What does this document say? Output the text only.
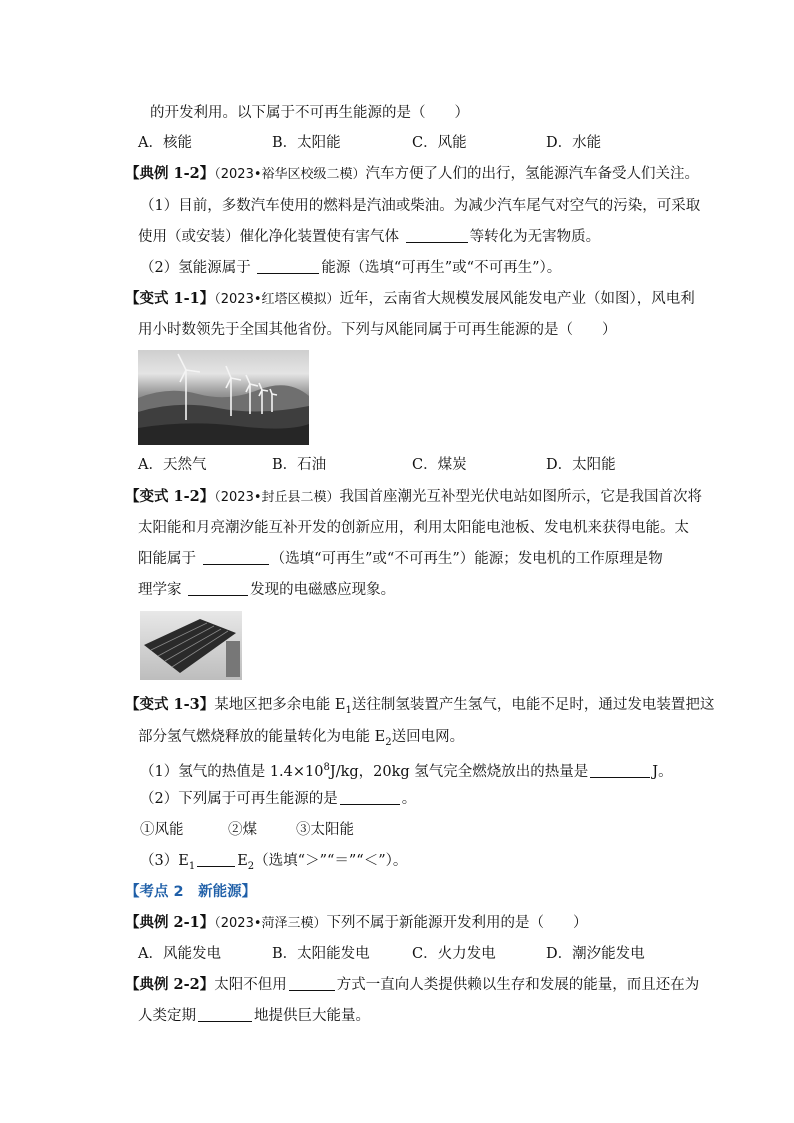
的开发利用。以下属于不可再生能源的是（　　）
A．核能	B．太阳能	C．风能	D．水能
【典例 1-2】（2023•裕华区校级二模）汽车方便了人们的出行，氢能源汽车备受人们关注。
（1）目前，多数汽车使用的燃料是汽油或柴油。为减少汽车尾气对空气的污染，可采取
使用（或安装）催化净化装置使有害气体	等转化为无害物质。
（2）氢能源属于	能源（选填“可再生”或“不可再生”）。
【变式 1-1】（2023•红塔区模拟）近年，云南省大规模发展风能发电产业（如图），风电利
用小时数领先于全国其他省份。下列与风能同属于可再生能源的是（　　）
A．天然气	B．石油	C．煤炭	D．太阳能
【变式 1-2】（2023•封丘县二模）我国首座潮光互补型光伏电站如图所示，它是我国首次将
太阳能和月亮潮汐能互补开发的创新应用，利用太阳能电池板、发电机来获得电能。太
阳能属于	（选填“可再生”或“不可再生”）能源；发电机的工作原理是物
理学家	发现的电磁感应现象。
【变式 1-3】某地区把多余电能 $E_1$送往制氢装置产生氢气，电能不足时，通过发电装置把这
部分氢气燃烧释放的能量转化为电能 $E_2$送回电网。
（1）氢气的热值是 $1.4\times 10^8J/kg$，20kg 氢气完全燃烧放出的热量是	J。
（2）下列属于可再生能源的是	。
①风能	②煤	③太阳能
$(3)E_1$	$E_2$（选填“＞”“＝”“＜”）。
【考点 2　新能源】
【典例 2-1】（2023•菏泽三模）下列不属于新能源开发利用的是（　　）
A．风能发电	B．太阳能发电	C．火力发电	D．潮汐能发电
【典例 2-2】太阳不但用	方式一直向人类提供赖以生存和发展的能量，而且还在为
人类定期	地提供巨大能量。
